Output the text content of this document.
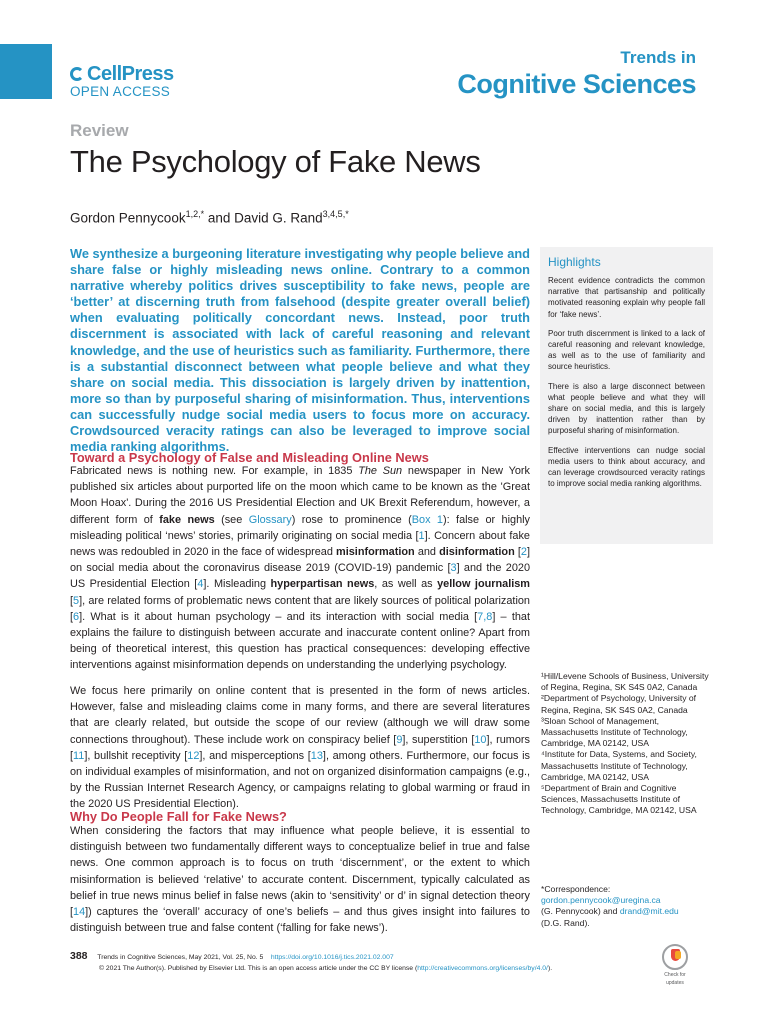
CellPress
OPEN ACCESS
Trends in
Cognitive Sciences
Review
The Psychology of Fake News
Gordon Pennycook$^{1,2,*}$ and David G. Rand$^{3,4,5,*}$

We synthesize a burgeoning literature investigating why people believe and share false or highly misleading news online. Contrary to a common narrative whereby politics drives susceptibility to fake news, people are ‘better’ at discerning truth from falsehood (despite greater overall belief) when evaluating politically concordant news. Instead, poor truth discernment is associated with lack of careful reasoning and relevant knowledge, and the use of heuristics such as familiarity. Furthermore, there is a substantial disconnect between what people believe and what they share on social media. This dissociation is largely driven by inattention, more so than by purposeful sharing of misinformation. Thus, interventions can successfully nudge social media users to focus more on accuracy. Crowdsourced veracity ratings can also be leveraged to improve social media ranking algorithms.

Highlights

Recent evidence contradicts the common narrative that partisanship and politically motivated reasoning explain why people fall for ‘fake news’.

Poor truth discernment is linked to a lack of careful reasoning and relevant knowledge, as well as to the use of familiarity and source heuristics.

There is also a large disconnect between what people believe and what they will share on social media, and this is largely driven by inattention rather than by purposeful sharing of misinformation.

Effective interventions can nudge social media users to think about accuracy, and can leverage crowdsourced veracity ratings to improve social media ranking algorithms.

Toward a Psychology of False and Misleading Online News

Fabricated news is nothing new. For example, in 1835 The Sun newspaper in New York published six articles about purported life on the moon which came to be known as the 'Great Moon Hoax'. During the 2016 US Presidential Election and UK Brexit Referendum, however, a different form of fake news (see Glossary) rose to prominence (Box 1): false or highly misleading political ‘news’ stories, primarily originating on social media [1]. Concern about fake news was redoubled in 2020 in the face of widespread misinformation and disinformation [2] on social media about the coronavirus disease 2019 (COVID-19) pandemic [3] and the 2020 US Presidential Election [4]. Misleading hyperpartisan news, as well as yellow journalism [5], are related forms of problematic news content that are likely sources of political polarization [6]. What is it about human psychology – and its interaction with social media [7,8] – that explains the failure to distinguish between accurate and inaccurate content online? Apart from being of theoretical interest, this question has practical consequences: developing effective interventions against misinformation depends on understanding the underlying psychology.

We focus here primarily on online content that is presented in the form of news articles. However, false and misleading claims come in many forms, and there are several literatures that are clearly related, but outside the scope of our review (although we will draw some connections throughout). These include work on conspiracy belief [9], superstition [10], rumors [11], bullshit receptivity [12], and misperceptions [13], among others. Furthermore, our focus is on individual examples of misinformation, and not on organized disinformation campaigns (e.g., by the Russian Internet Research Agency, or campaigns relating to global warming or fraud in the 2020 US Presidential Election).

Why Do People Fall for Fake News?

When considering the factors that may influence what people believe, it is essential to distinguish between two fundamentally different ways to conceptualize belief in true and false news. One common approach is to focus on truth ‘discernment’, or the extent to which misinformation is believed ‘relative’ to accurate content. Discernment, typically calculated as belief in true news minus belief in false news (akin to ‘sensitivity’ or d’ in signal detection theory [14]) captures the ‘overall’ accuracy of one’s beliefs – and thus gives insight into failures to distinguish between true and false content (‘falling for fake news’).

¹Hill/Levene Schools of Business, University of Regina, Regina, SK S4S 0A2, Canada
²Department of Psychology, University of Regina, Regina, SK S4S 0A2, Canada
³Sloan School of Management, Massachusetts Institute of Technology, Cambridge, MA 02142, USA
⁴Institute for Data, Systems, and Society, Massachusetts Institute of Technology, Cambridge, MA 02142, USA
⁵Department of Brain and Cognitive Sciences, Massachusetts Institute of Technology, Cambridge, MA 02142, USA
*Correspondence:
gordon.pennycook@uregina.ca
(G. Pennycook) and drand@mit.edu
(D.G. Rand).
388 Trends in Cognitive Sciences, May 2021, Vol. 25, No. 5 https://doi.org/10.1016/j.tics.2021.02.007
© 2021 The Author(s). Published by Elsevier Ltd. This is an open access article under the CC BY license (http://creativecommons.org/licenses/by/4.0/).
Check for
updates
